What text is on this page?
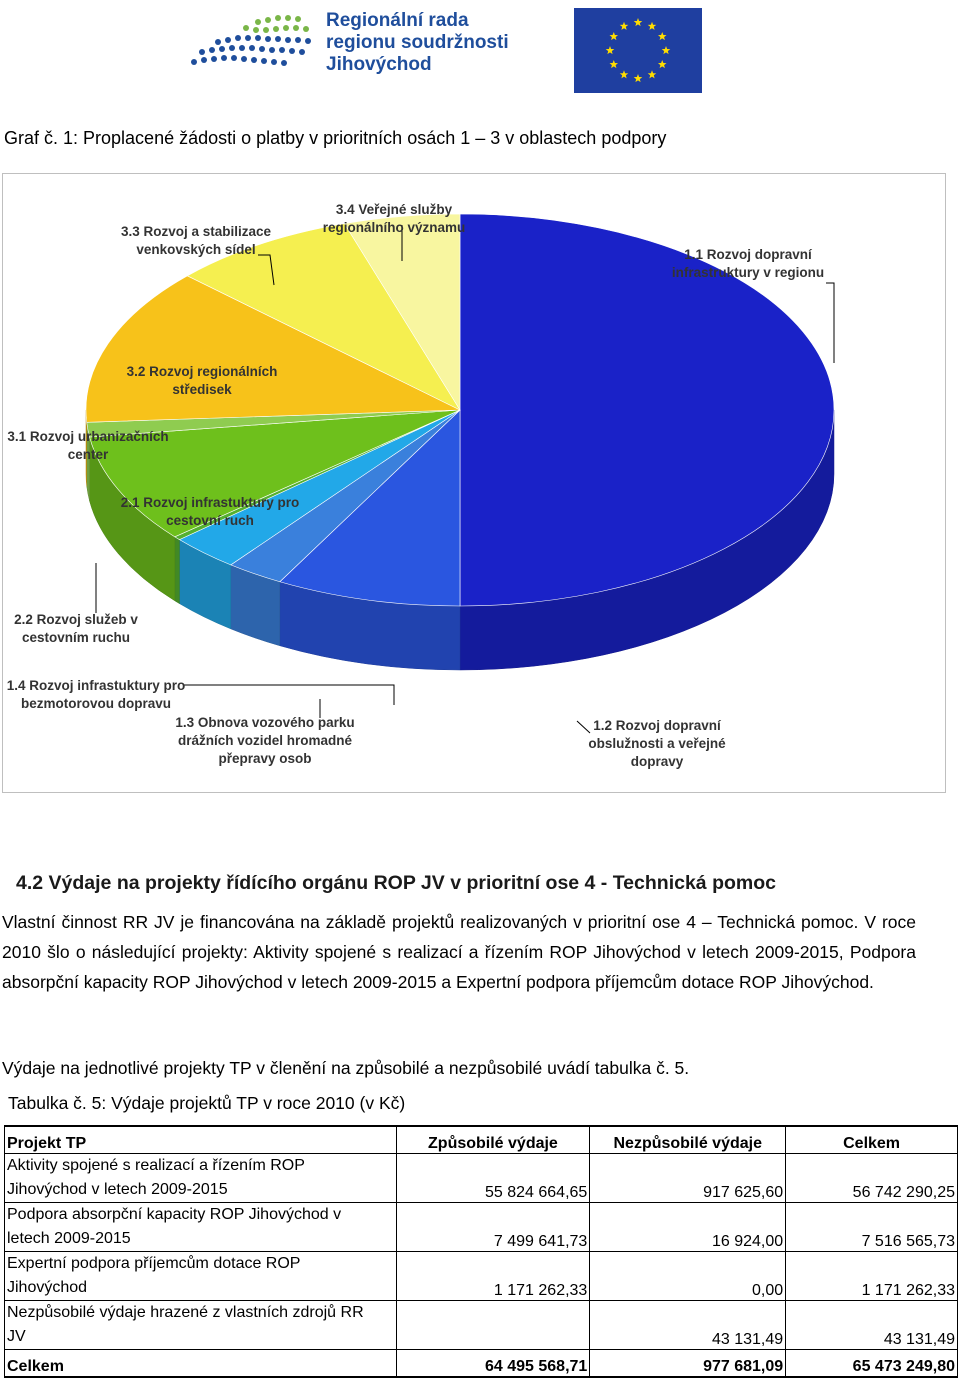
Regionální rada
regionu soudržnosti
Jihovýchod
Graf č. 1: Proplacené žádosti o platby v prioritních osách 1 – 3 v oblastech podpory
1.1 Rozvoj dopravní infrastruktury v regionu
1.2 Rozvoj dopravní obslužnosti a veřejné dopravy
1.3 Obnova vozového parku drážních vozidel hromadné přepravy osob
1.4 Rozvoj infrastuktury pro bezmotorovou dopravu
2.2 Rozvoj služeb v cestovním ruchu
2.1 Rozvoj infrastuktury pro cestovní ruch
3.1 Rozvoj urbanizačních center
3.2 Rozvoj regionálních středisek
3.3 Rozvoj a stabilizace venkovských sídel
3.4 Veřejné služby regionálního významu
4.2 Výdaje na projekty řídícího orgánu ROP JV v prioritní ose 4 - Technická pomoc
Vlastní činnost RR JV je financována na základě projektů realizovaných v prioritní ose 4 – Technická pomoc. V roce 2010 šlo o následující projekty: Aktivity spojené s realizací a řízením ROP Jihovýchod v letech 2009-2015, Podpora absorpční kapacity ROP Jihovýchod v letech 2009-2015 a Expertní podpora příjemcům dotace ROP Jihovýchod.
Výdaje na jednotlivé projekty TP v členění na způsobilé a nezpůsobilé uvádí tabulka č. 5.
Tabulka č. 5: Výdaje projektů TP v roce 2010 (v Kč)
Projekt TP	Způsobilé výdaje	Nezpůsobilé výdaje	Celkem

Aktivity spojené s realizací a řízením ROP
Jihovýchod v letech 2009-2015	55 824 664,65	917 625,60	56 742 290,25

Podpora absorpční kapacity ROP Jihovýchod v
letech 2009-2015	7 499 641,73	16 924,00	7 516 565,73

Expertní podpora příjemcům dotace ROP
Jihovýchod	1 171 262,33	0,00	1 171 262,33

Nezpůsobilé výdaje hrazené z vlastních zdrojů RR
JV		43 131,49	43 131,49
Celkem	64 495 568,71	977 681,09	65 473 249,80
